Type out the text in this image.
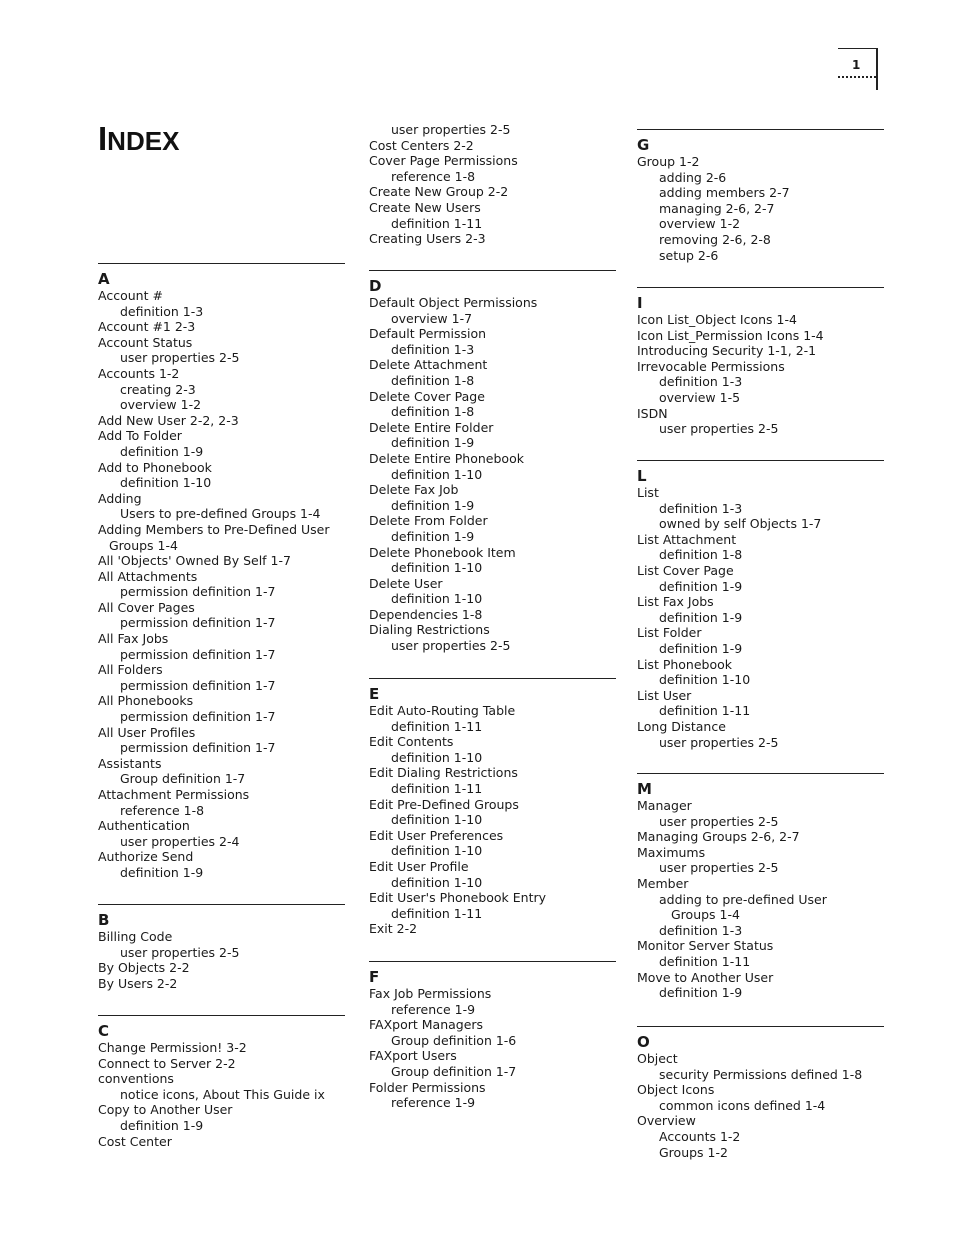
1
INDEX
A
Account #
definition 1-3
Account #1 2-3
Account Status
user properties 2-5
Accounts 1-2
creating 2-3
overview 1-2
Add New User 2-2, 2-3
Add To Folder
definition 1-9
Add to Phonebook
definition 1-10
Adding
Users to pre-defined Groups 1-4
Adding Members to Pre-Defined User
Groups 1-4
All 'Objects' Owned By Self 1-7
All Attachments
permission definition 1-7
All Cover Pages
permission definition 1-7
All Fax Jobs
permission definition 1-7
All Folders
permission definition 1-7
All Phonebooks
permission definition 1-7
All User Profiles
permission definition 1-7
Assistants
Group definition 1-7
Attachment Permissions
reference 1-8
Authentication
user properties 2-4
Authorize Send
definition 1-9
B
Billing Code
user properties 2-5
By Objects 2-2
By Users 2-2
C
Change Permission! 3-2
Connect to Server 2-2
conventions
notice icons, About This Guide ix
Copy to Another User
definition 1-9
Cost Center
user properties 2-5
Cost Centers 2-2
Cover Page Permissions
reference 1-8
Create New Group 2-2
Create New Users
definition 1-11
Creating Users 2-3
D
Default Object Permissions
overview 1-7
Default Permission
definition 1-3
Delete Attachment
definition 1-8
Delete Cover Page
definition 1-8
Delete Entire Folder
definition 1-9
Delete Entire Phonebook
definition 1-10
Delete Fax Job
definition 1-9
Delete From Folder
definition 1-9
Delete Phonebook Item
definition 1-10
Delete User
definition 1-10
Dependencies 1-8
Dialing Restrictions
user properties 2-5
E
Edit Auto-Routing Table
definition 1-11
Edit Contents
definition 1-10
Edit Dialing Restrictions
definition 1-11
Edit Pre-Defined Groups
definition 1-10
Edit User Preferences
definition 1-10
Edit User Profile
definition 1-10
Edit User's Phonebook Entry
definition 1-11
Exit 2-2
F
Fax Job Permissions
reference 1-9
FAXport Managers
Group definition 1-6
FAXport Users
Group definition 1-7
Folder Permissions
reference 1-9
G
Group 1-2
adding 2-6
adding members 2-7
managing 2-6, 2-7
overview 1-2
removing 2-6, 2-8
setup 2-6
I
Icon List_Object Icons 1-4
Icon List_Permission Icons 1-4
Introducing Security 1-1, 2-1
Irrevocable Permissions
definition 1-3
overview 1-5
ISDN
user properties 2-5
L
List
definition 1-3
owned by self Objects 1-7
List Attachment
definition 1-8
List Cover Page
definition 1-9
List Fax Jobs
definition 1-9
List Folder
definition 1-9
List Phonebook
definition 1-10
List User
definition 1-11
Long Distance
user properties 2-5
M
Manager
user properties 2-5
Managing Groups 2-6, 2-7
Maximums
user properties 2-5
Member
adding to pre-defined User
Groups 1-4
definition 1-3
Monitor Server Status
definition 1-11
Move to Another User
definition 1-9
O
Object
security Permissions defined 1-8
Object Icons
common icons defined 1-4
Overview
Accounts 1-2
Groups 1-2
